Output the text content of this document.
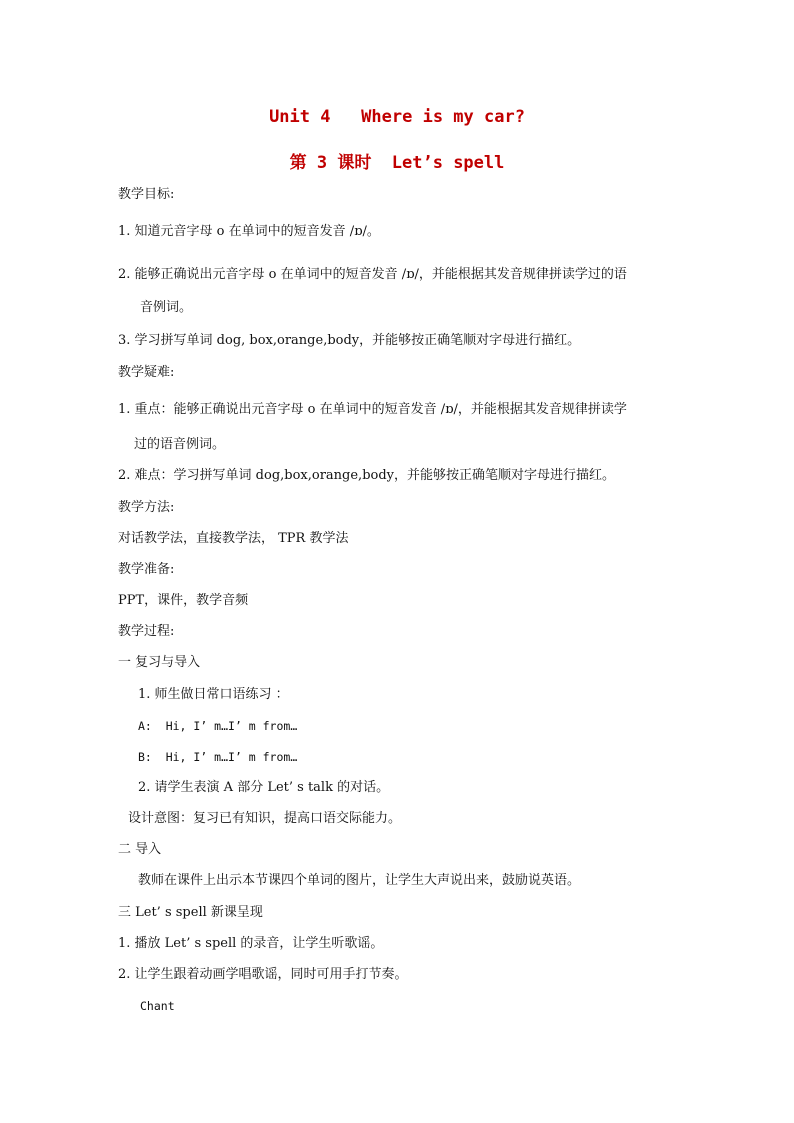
Unit 4   Where is my car?
第 3 课时  Let’s spell
教学目标:
1. 知道元音字母 o 在单词中的短音发音 /ɒ/。
2. 能够正确说出元音字母 o 在单词中的短音发音 /ɒ/，并能根据其发音规律拼读学过的语
音例词。
3. 学习拼写单词 dog, box,orange,body，并能够按正确笔顺对字母进行描红。
教学疑难:
1. 重点：能够正确说出元音字母 o 在单词中的短音发音 /ɒ/，并能根据其发音规律拼读学
过的语音例词。
2. 难点：学习拼写单词 dog,box,orange,body，并能够按正确笔顺对字母进行描红。
教学方法:
对话教学法，直接教学法， TPR 教学法
教学准备:
PPT，课件，教学音频
教学过程:
一 复习与导入
1. 师生做日常口语练习 ：
A:  Hi, I’ m…I’ m from…
B:  Hi, I’ m…I’ m from…
2. 请学生表演 A 部分 Let’ s talk 的对话。
设计意图：复习已有知识，提高口语交际能力。
二 导入
教师在课件上出示本节课四个单词的图片，让学生大声说出来，鼓励说英语。
三 Let’ s spell 新课呈现
1. 播放 Let’ s spell 的录音，让学生听歌谣。
2. 让学生跟着动画学唱歌谣，同时可用手打节奏。
Chant
